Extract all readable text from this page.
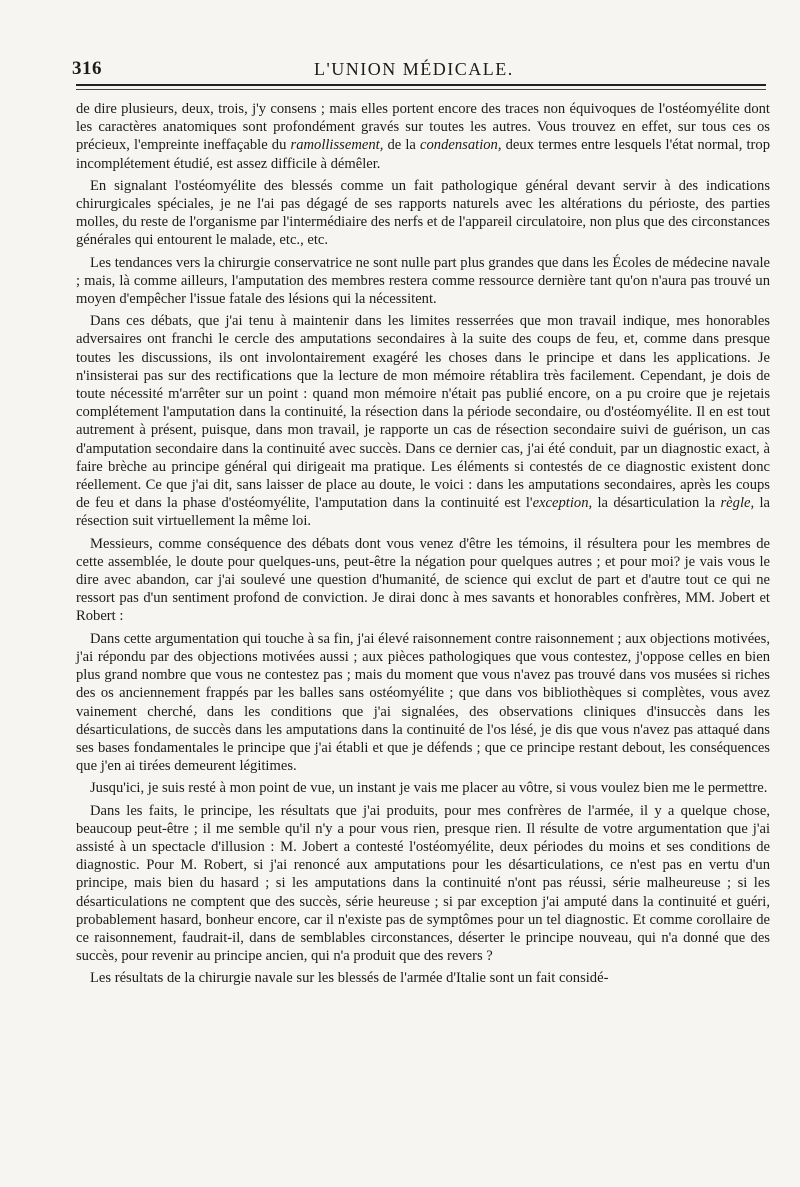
316	L'UNION MÉDICALE.

de dire plusieurs, deux, trois, j'y consens ; mais elles portent encore des traces non équivoques de l'ostéomyélite dont les caractères anatomiques sont profondément gravés sur toutes les autres. Vous trouvez en effet, sur tous ces os précieux, l'empreinte ineffaçable du ramollissement, de la condensation, deux termes entre lesquels l'état normal, trop incomplétement étudié, est assez difficile à démêler.

En signalant l'ostéomyélite des blessés comme un fait pathologique général devant servir à des indications chirurgicales spéciales, je ne l'ai pas dégagé de ses rapports naturels avec les altérations du périoste, des parties molles, du reste de l'organisme par l'intermédiaire des nerfs et de l'appareil circulatoire, non plus que des circonstances générales qui entourent le malade, etc., etc.

Les tendances vers la chirurgie conservatrice ne sont nulle part plus grandes que dans les Écoles de médecine navale ; mais, là comme ailleurs, l'amputation des membres restera comme ressource dernière tant qu'on n'aura pas trouvé un moyen d'empêcher l'issue fatale des lésions qui la nécessitent.

Dans ces débats, que j'ai tenu à maintenir dans les limites resserrées que mon travail indique, mes honorables adversaires ont franchi le cercle des amputations secondaires à la suite des coups de feu, et, comme dans presque toutes les discussions, ils ont involontairement exagéré les choses dans le principe et dans les applications. Je n'insisterai pas sur des rectifications que la lecture de mon mémoire rétablira très facilement. Cependant, je dois de toute nécessité m'arrêter sur un point : quand mon mémoire n'était pas publié encore, on a pu croire que je rejetais complétement l'amputation dans la continuité, la résection dans la période secondaire, ou d'ostéomyélite. Il en est tout autrement à présent, puisque, dans mon travail, je rapporte un cas de résection secondaire suivi de guérison, un cas d'amputation secondaire dans la continuité avec succès. Dans ce dernier cas, j'ai été conduit, par un diagnostic exact, à faire brèche au principe général qui dirigeait ma pratique. Les éléments si contestés de ce diagnostic existent donc réellement. Ce que j'ai dit, sans laisser de place au doute, le voici : dans les amputations secondaires, après les coups de feu et dans la phase d'ostéomyélite, l'amputation dans la continuité est l'exception, la désarticulation la règle, la résection suit virtuellement la même loi.

Messieurs, comme conséquence des débats dont vous venez d'être les témoins, il résultera pour les membres de cette assemblée, le doute pour quelques-uns, peut-être la négation pour quelques autres ; et pour moi? je vais vous le dire avec abandon, car j'ai soulevé une question d'humanité, de science qui exclut de part et d'autre tout ce qui ne ressort pas d'un sentiment profond de conviction. Je dirai donc à mes savants et honorables confrères, MM. Jobert et Robert :

Dans cette argumentation qui touche à sa fin, j'ai élevé raisonnement contre raisonnement ; aux objections motivées, j'ai répondu par des objections motivées aussi ; aux pièces pathologiques que vous contestez, j'oppose celles en bien plus grand nombre que vous ne contestez pas ; mais du moment que vous n'avez pas trouvé dans vos musées si riches des os anciennement frappés par les balles sans ostéomyélite ; que dans vos bibliothèques si complètes, vous avez vainement cherché, dans les conditions que j'ai signalées, des observations cliniques d'insuccès dans les désarticulations, de succès dans les amputations dans la continuité de l'os lésé, je dis que vous n'avez pas attaqué dans ses bases fondamentales le principe que j'ai établi et que je défends ; que ce principe restant debout, les conséquences que j'en ai tirées demeurent légitimes.

Jusqu'ici, je suis resté à mon point de vue, un instant je vais me placer au vôtre, si vous voulez bien me le permettre.

Dans les faits, le principe, les résultats que j'ai produits, pour mes confrères de l'armée, il y a quelque chose, beaucoup peut-être ; il me semble qu'il n'y a pour vous rien, presque rien. Il résulte de votre argumentation que j'ai assisté à un spectacle d'illusion : M. Jobert a contesté l'ostéomyélite, deux périodes du moins et ses conditions de diagnostic. Pour M. Robert, si j'ai renoncé aux amputations pour les désarticulations, ce n'est pas en vertu d'un principe, mais bien du hasard ; si les amputations dans la continuité n'ont pas réussi, série malheureuse ; si les désarticulations ne comptent que des succès, série heureuse ; si par exception j'ai amputé dans la continuité et guéri, probablement hasard, bonheur encore, car il n'existe pas de symptômes pour un tel diagnostic. Et comme corollaire de ce raisonnement, faudrait-il, dans de semblables circonstances, déserter le principe nouveau, qui n'a donné que des succès, pour revenir au principe ancien, qui n'a produit que des revers ?

Les résultats de la chirurgie navale sur les blessés de l'armée d'Italie sont un fait considé-
